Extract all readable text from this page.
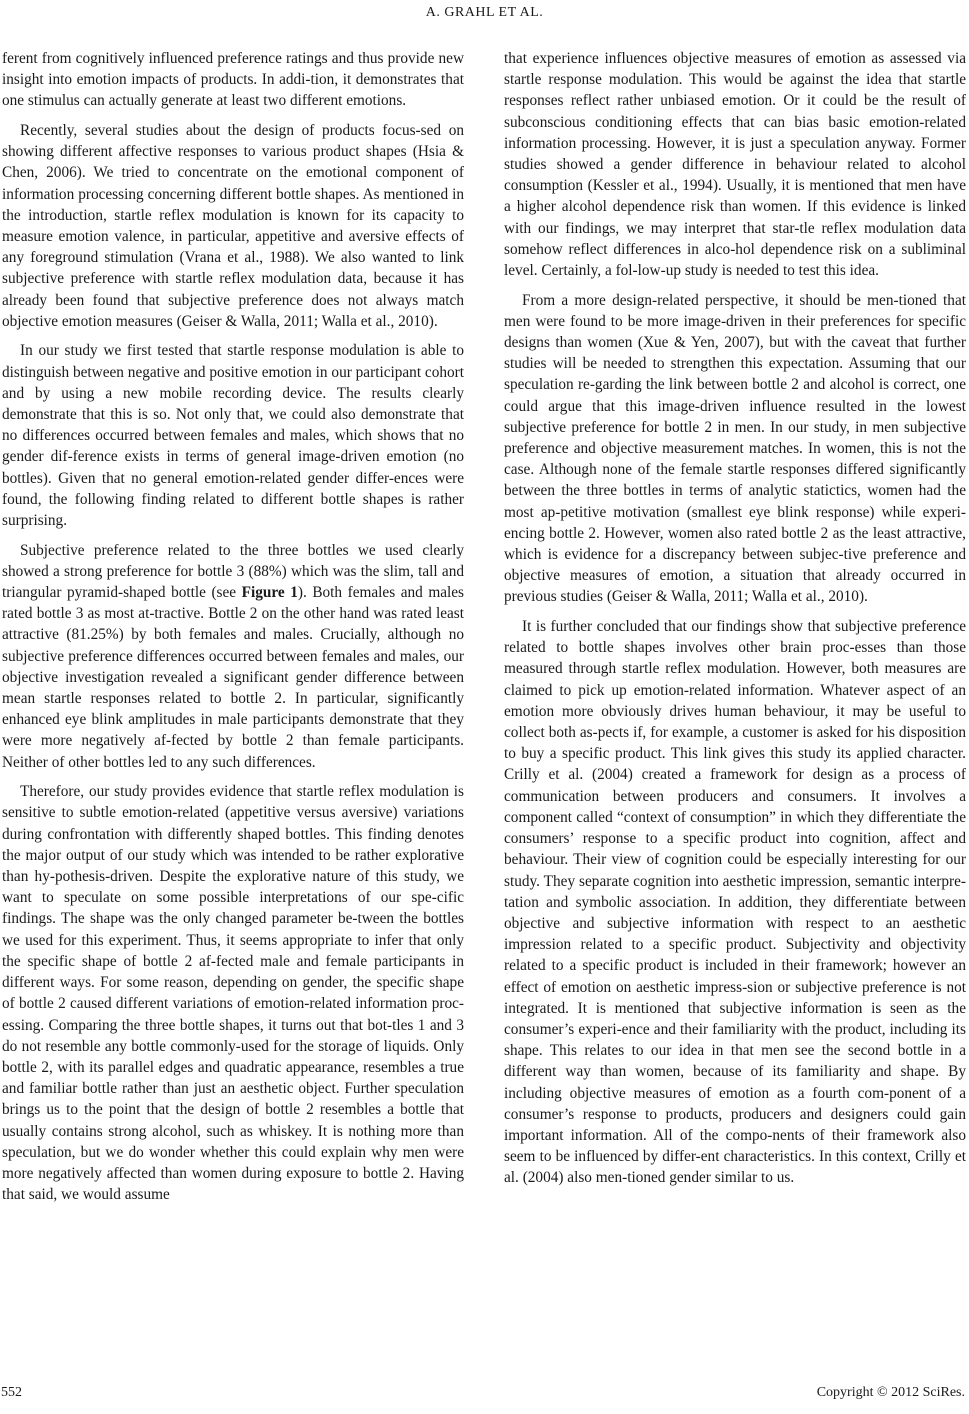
A. GRAHL ET AL.

ferent from cognitively influenced preference ratings and thus provide new insight into emotion impacts of products. In addi-tion, it demonstrates that one stimulus can actually generate at least two different emotions.

Recently, several studies about the design of products focus-sed on showing different affective responses to various product shapes (Hsia & Chen, 2006). We tried to concentrate on the emotional component of information processing concerning different bottle shapes. As mentioned in the introduction, startle reflex modulation is known for its capacity to measure emotion valence, in particular, appetitive and aversive effects of any foreground stimulation (Vrana et al., 1988). We also wanted to link subjective preference with startle reflex modulation data, because it has already been found that subjective preference does not always match objective emotion measures (Geiser & Walla, 2011; Walla et al., 2010).

In our study we first tested that startle response modulation is able to distinguish between negative and positive emotion in our participant cohort and by using a new mobile recording device. The results clearly demonstrate that this is so. Not only that, we could also demonstrate that no differences occurred between females and males, which shows that no gender dif-ference exists in terms of general image-driven emotion (no bottles). Given that no general emotion-related gender differ-ences were found, the following finding related to different bottle shapes is rather surprising.

Subjective preference related to the three bottles we used clearly showed a strong preference for bottle 3 (88%) which was the slim, tall and triangular pyramid-shaped bottle (see Figure 1). Both females and males rated bottle 3 as most at-tractive. Bottle 2 on the other hand was rated least attractive (81.25%) by both females and males. Crucially, although no subjective preference differences occurred between females and males, our objective investigation revealed a significant gender difference between mean startle responses related to bottle 2. In particular, significantly enhanced eye blink amplitudes in male participants demonstrate that they were more negatively af-fected by bottle 2 than female participants. Neither of other bottles led to any such differences.

Therefore, our study provides evidence that startle reflex modulation is sensitive to subtle emotion-related (appetitive versus aversive) variations during confrontation with differently shaped bottles. This finding denotes the major output of our study which was intended to be rather explorative than hy-pothesis-driven. Despite the explorative nature of this study, we want to speculate on some possible interpretations of our spe-cific findings. The shape was the only changed parameter be-tween the bottles we used for this experiment. Thus, it seems appropriate to infer that only the specific shape of bottle 2 af-fected male and female participants in different ways. For some reason, depending on gender, the specific shape of bottle 2 caused different variations of emotion-related information proc-essing. Comparing the three bottle shapes, it turns out that bot-tles 1 and 3 do not resemble any bottle commonly-used for the storage of liquids. Only bottle 2, with its parallel edges and quadratic appearance, resembles a true and familiar bottle rather than just an aesthetic object. Further speculation brings us to the point that the design of bottle 2 resembles a bottle that usually contains strong alcohol, such as whiskey. It is nothing more than speculation, but we do wonder whether this could explain why men were more negatively affected than women during exposure to bottle 2. Having that said, we would assume

that experience influences objective measures of emotion as assessed via startle response modulation. This would be against the idea that startle responses reflect rather unbiased emotion. Or it could be the result of subconscious conditioning effects that can bias basic emotion-related information processing. However, it is just a speculation anyway. Former studies showed a gender difference in behaviour related to alcohol consumption (Kessler et al., 1994). Usually, it is mentioned that men have a higher alcohol dependence risk than women. If this evidence is linked with our findings, we may interpret that star-tle reflex modulation data somehow reflect differences in alco-hol dependence risk on a subliminal level. Certainly, a fol-low-up study is needed to test this idea.

From a more design-related perspective, it should be men-tioned that men were found to be more image-driven in their preferences for specific designs than women (Xue & Yen, 2007), but with the caveat that further studies will be needed to strengthen this expectation. Assuming that our speculation re-garding the link between bottle 2 and alcohol is correct, one could argue that this image-driven influence resulted in the lowest subjective preference for bottle 2 in men. In our study, in men subjective preference and objective measurement matches. In women, this is not the case. Although none of the female startle responses differed significantly between the three bottles in terms of analytic statictics, women had the most ap-petitive motivation (smallest eye blink response) while experi-encing bottle 2. However, women also rated bottle 2 as the least attractive, which is evidence for a discrepancy between subjec-tive preference and objective measures of emotion, a situation that already occurred in previous studies (Geiser & Walla, 2011; Walla et al., 2010).

It is further concluded that our findings show that subjective preference related to bottle shapes involves other brain proc-esses than those measured through startle reflex modulation. However, both measures are claimed to pick up emotion-related information. Whatever aspect of an emotion more obviously drives human behaviour, it may be useful to collect both as-pects if, for example, a customer is asked for his disposition to buy a specific product. This link gives this study its applied character. Crilly et al. (2004) created a framework for design as a process of communication between producers and consumers. It involves a component called “context of consumption” in which they differentiate the consumers’ response to a specific product into cognition, affect and behaviour. Their view of cognition could be especially interesting for our study. They separate cognition into aesthetic impression, semantic interpre-tation and symbolic association. In addition, they differentiate between objective and subjective information with respect to an aesthetic impression related to a specific product. Subjectivity and objectivity related to a specific product is included in their framework; however an effect of emotion on aesthetic impress-sion or subjective preference is not integrated. It is mentioned that subjective information is seen as the consumer’s experi-ence and their familiarity with the product, including its shape. This relates to our idea in that men see the second bottle in a different way than women, because of its familiarity and shape. By including objective measures of emotion as a fourth com-ponent of a consumer’s response to products, producers and designers could gain important information. All of the compo-nents of their framework also seem to be influenced by differ-ent characteristics. In this context, Crilly et al. (2004) also men-tioned gender similar to us.

552	Copyright © 2012 SciRes.
